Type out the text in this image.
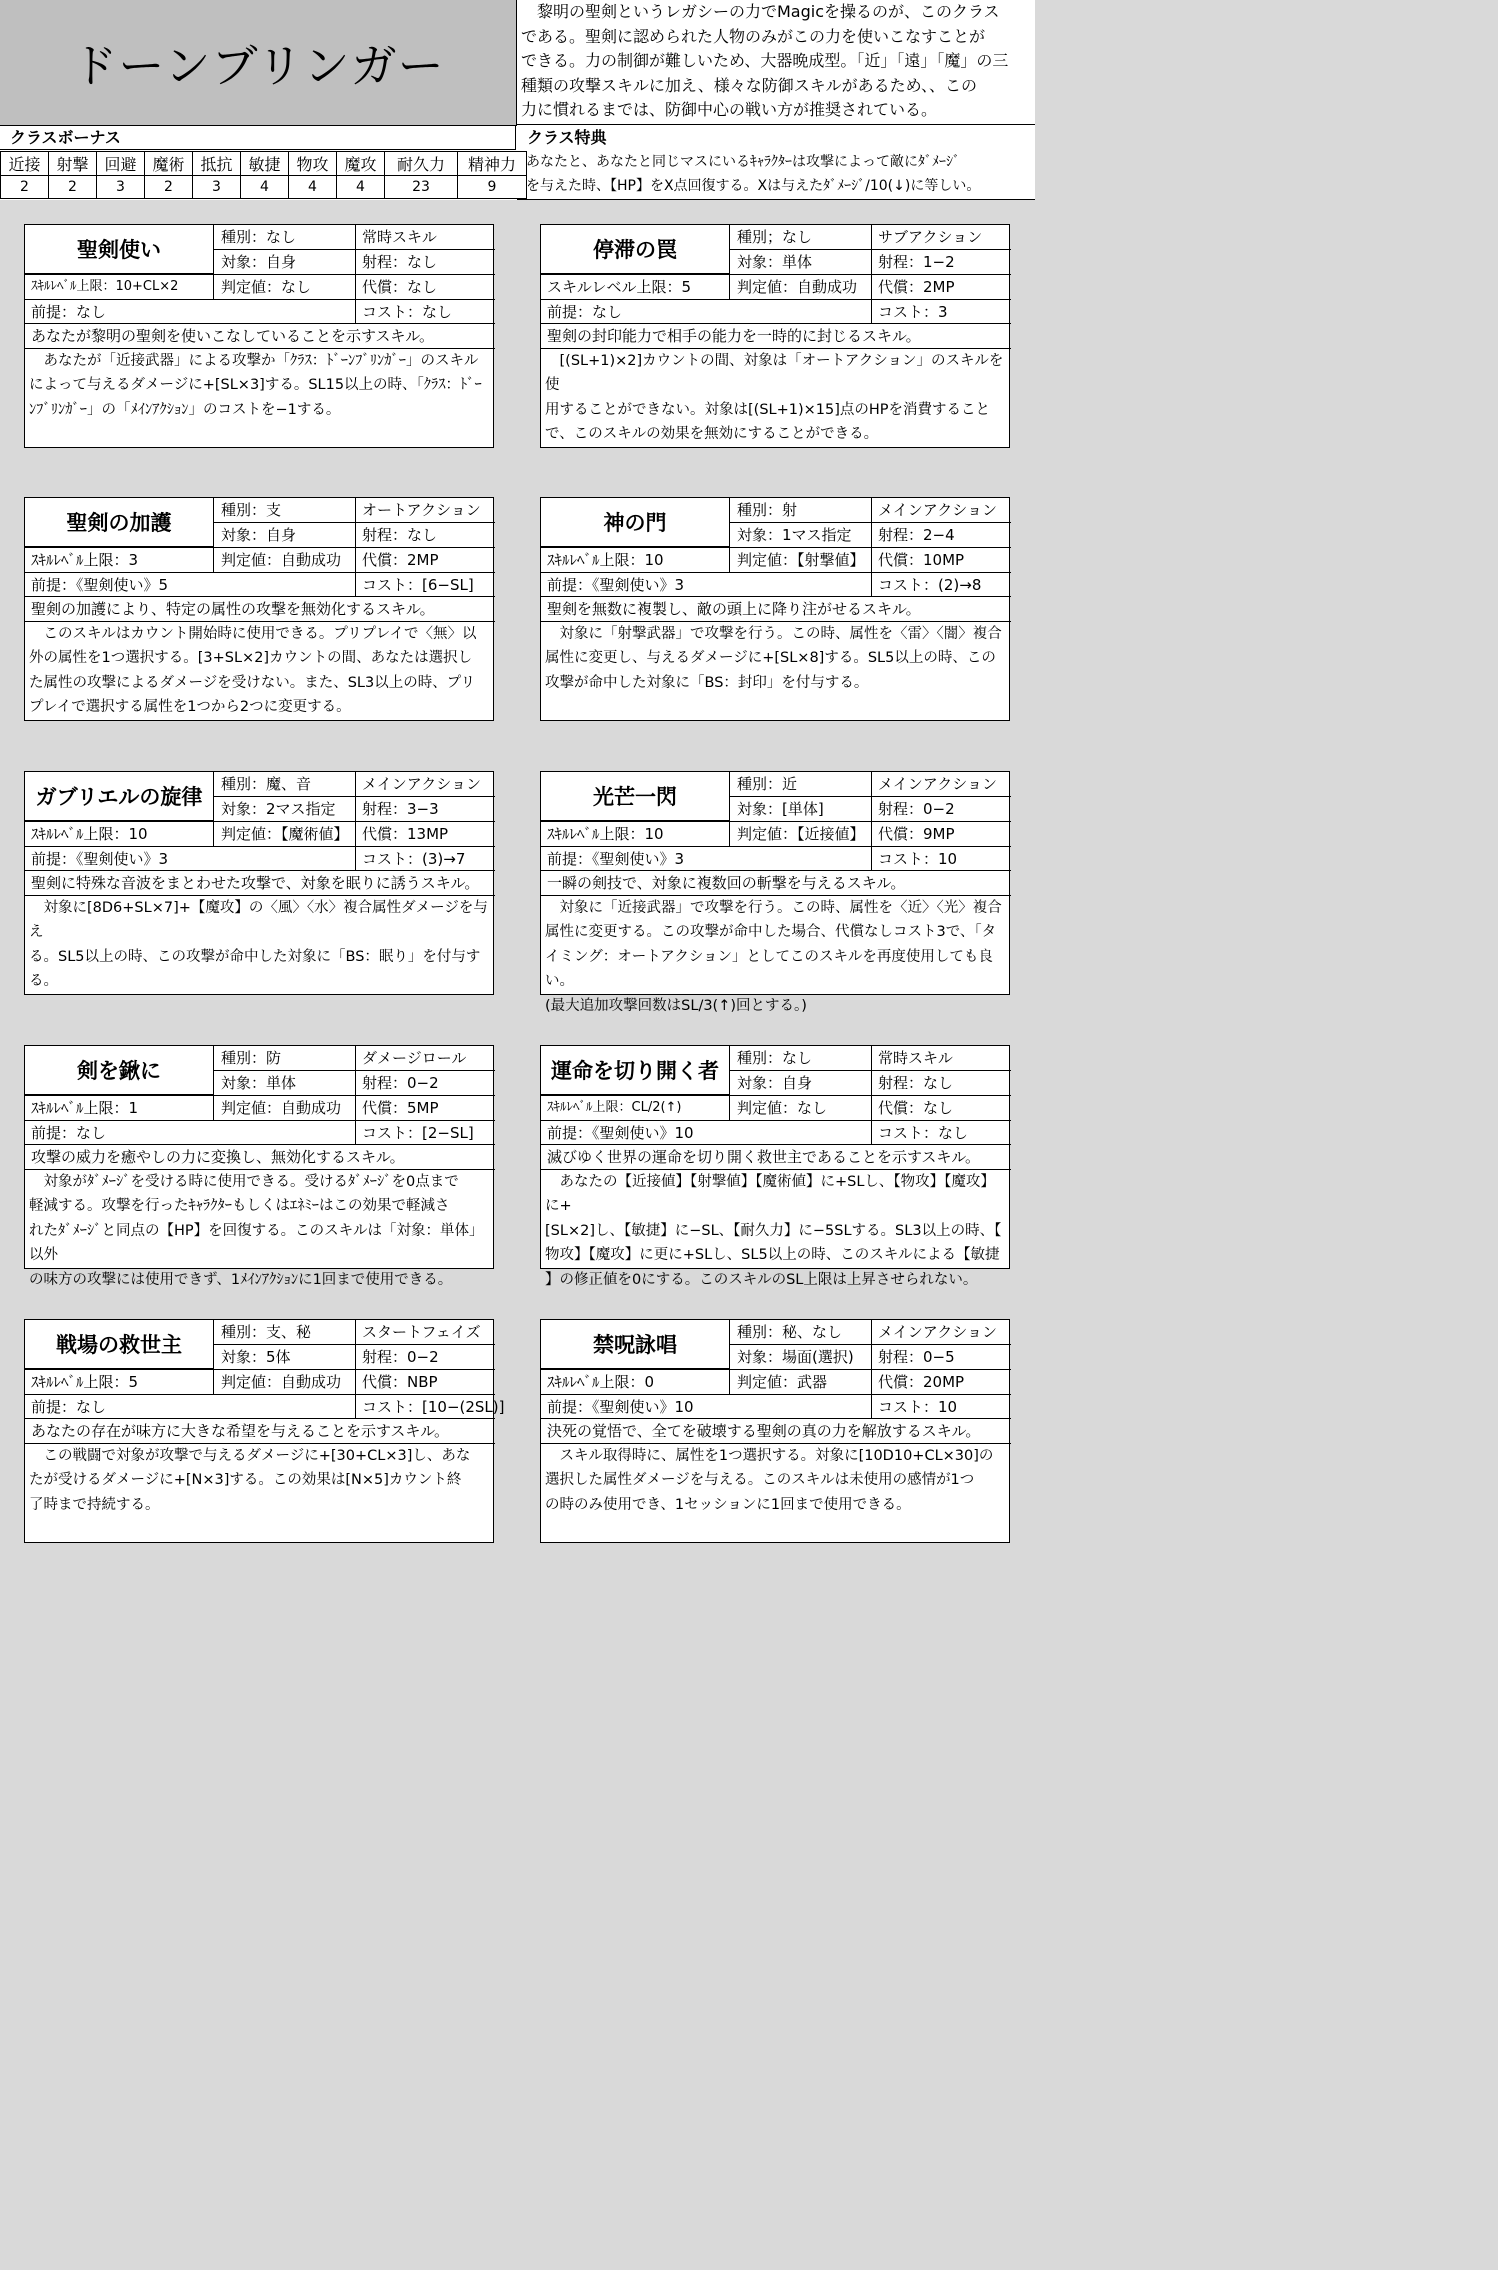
ドーンブリンガー
　黎明の聖剣というレガシーの力でMagicを操るのが、このクラス
である。聖剣に認められた人物のみがこの力を使いこなすことが
できる。力の制御が難しいため、大器晩成型。「近」「遠」「魔」の三
種類の攻撃スキルに加え、様々な防御スキルがあるため、、この
力に慣れるまでは、防御中心の戦い方が推奨されている。
クラスボーナス
近接	射撃	回避	魔術	抵抗	敏捷	物攻	魔攻	耐久力	精神力
2	2	3	2	3	4	4	4	23	9
クラス特典
あなたと、あなたと同じマスにいるｷｬﾗｸﾀｰは攻撃によって敵にﾀﾞﾒｰｼﾞ
を与えた時、【HP】をX点回復する。Xは与えたﾀﾞﾒｰｼﾞ/10(↓)に等しい。
聖剣使い
種別：なし	常時スキル
対象：自身	射程：なし
ｽｷﾙﾚﾍﾞﾙ上限：10+CL×2	判定値：なし	代償：なし
前提：なし	コスト：なし
あなたが黎明の聖剣を使いこなしていることを示すスキル。
　あなたが「近接武器」による攻撃か「ｸﾗｽ：ﾄﾞｰﾝﾌﾞﾘﾝｶﾞｰ」のスキル
によって与えるダメージに+[SL×3]する。SL15以上の時、「ｸﾗｽ：ﾄﾞｰ
ﾝﾌﾞﾘﾝｶﾞｰ」の「ﾒｲﾝｱｸｼｮﾝ」のコストを−1する。
停滞の罠
種別；なし	サブアクション
対象：単体	射程：1−2
スキルレベル上限：5	判定値：自動成功	代償：2MP
前提：なし	コスト：3
聖剣の封印能力で相手の能力を一時的に封じるスキル。
　[(SL+1)×2]カウントの間、対象は「オートアクション」のスキルを使
用することができない。対象は[(SL+1)×15]点のHPを消費すること
で、このスキルの効果を無効にすることができる。
聖剣の加護
種別：支	オートアクション
対象：自身	射程：なし
ｽｷﾙﾚﾍﾞﾙ上限：3	判定値：自動成功	代償：2MP
前提：《聖剣使い》5	コスト：[6−SL]
聖剣の加護により、特定の属性の攻撃を無効化するスキル。
　このスキルはカウント開始時に使用できる。プリプレイで〈無〉以
外の属性を1つ選択する。[3+SL×2]カウントの間、あなたは選択し
た属性の攻撃によるダメージを受けない。また、SL3以上の時、プリ
プレイで選択する属性を1つから2つに変更する。
神の門
種別：射	メインアクション
対象：1マス指定	射程：2−4
ｽｷﾙﾚﾍﾞﾙ上限：10	判定値：【射撃値】 代償：10MP
前提：《聖剣使い》3	コスト：(2)→8
聖剣を無数に複製し、敵の頭上に降り注がせるスキル。
　対象に「射撃武器」で攻撃を行う。この時、属性を〈雷〉〈闇〉複合
属性に変更し、与えるダメージに+[SL×8]する。SL5以上の時、この
攻撃が命中した対象に「BS：封印」を付与する。
ガブリエルの旋律
種別：魔、音	メインアクション
対象：2マス指定	射程：3−3
ｽｷﾙﾚﾍﾞﾙ上限：10	判定値：【魔術値】 代償：13MP
前提：《聖剣使い》3	コスト：(3)→7
聖剣に特殊な音波をまとわせた攻撃で、対象を眠りに誘うスキル。
　対象に[8D6+SL×7]+【魔攻】の〈風〉〈水〉複合属性ダメージを与え
る。SL5以上の時、この攻撃が命中した対象に「BS：眠り」を付与す
る。
光芒一閃
種別：近	メインアクション
対象：[単体]	射程：0−2
ｽｷﾙﾚﾍﾞﾙ上限：10	判定値：【近接値】 代償：9MP
前提：《聖剣使い》3	コスト：10
一瞬の剣技で、対象に複数回の斬撃を与えるスキル。
　対象に「近接武器」で攻撃を行う。この時、属性を〈近〉〈光〉複合
属性に変更する。この攻撃が命中した場合、代償なしコスト3で、「タ
イミング：オートアクション」としてこのスキルを再度使用しても良い。
(最大追加攻撃回数はSL/3(↑)回とする。)
剣を鍬に
種別：防	ダメージロール
対象：単体	射程：0−2
ｽｷﾙﾚﾍﾞﾙ上限：1	判定値：自動成功	代償：5MP
前提：なし	コスト：[2−SL]
攻撃の威力を癒やしの力に変換し、無効化するスキル。
　対象がﾀﾞﾒｰｼﾞを受ける時に使用できる。受けるﾀﾞﾒｰｼﾞを0点まで
軽減する。攻撃を行ったｷｬﾗｸﾀｰもしくはｴﾈﾐｰはこの効果で軽減さ
れたﾀﾞﾒｰｼﾞと同点の【HP】を回復する。このスキルは「対象：単体」以外
の味方の攻撃には使用できず、1ﾒｲﾝｱｸｼｮﾝに1回まで使用できる。
運命を切り開く者
種別：なし	常時スキル
対象：自身	射程：なし
ｽｷﾙﾚﾍﾞﾙ上限：CL/2(↑)	判定値：なし	代償：なし
前提：《聖剣使い》10	コスト：なし
滅びゆく世界の運命を切り開く救世主であることを示すスキル。
　あなたの【近接値】【射撃値】【魔術値】に+SLし、【物攻】【魔攻】に+
[SL×2]し、【敏捷】に−SL、【耐久力】に−5SLする。SL3以上の時、【
物攻】【魔攻】に更に+SLし、SL5以上の時、このスキルによる【敏捷
】の修正値を0にする。このスキルのSL上限は上昇させられない。
戦場の救世主
種別：支、秘	スタートフェイズ
対象：5体	射程：0−2
ｽｷﾙﾚﾍﾞﾙ上限：5	判定値：自動成功	代償：NBP
前提：なし	コスト：[10−(2SL)]
あなたの存在が味方に大きな希望を与えることを示すスキル。
　この戦闘で対象が攻撃で与えるダメージに+[30+CL×3]し、あな
たが受けるダメージに+[N×3]する。この効果は[N×5]カウント終
了時まで持続する。
禁呪詠唱
種別：秘、なし	メインアクション
対象：場面(選択)	射程：0−5
ｽｷﾙﾚﾍﾞﾙ上限：0	判定値：武器	代償：20MP
前提：《聖剣使い》10	コスト：10
決死の覚悟で、全てを破壊する聖剣の真の力を解放するスキル。
　スキル取得時に、属性を1つ選択する。対象に[10D10+CL×30]の
選択した属性ダメージを与える。このスキルは未使用の感情が1つ
の時のみ使用でき、1セッションに1回まで使用できる。
